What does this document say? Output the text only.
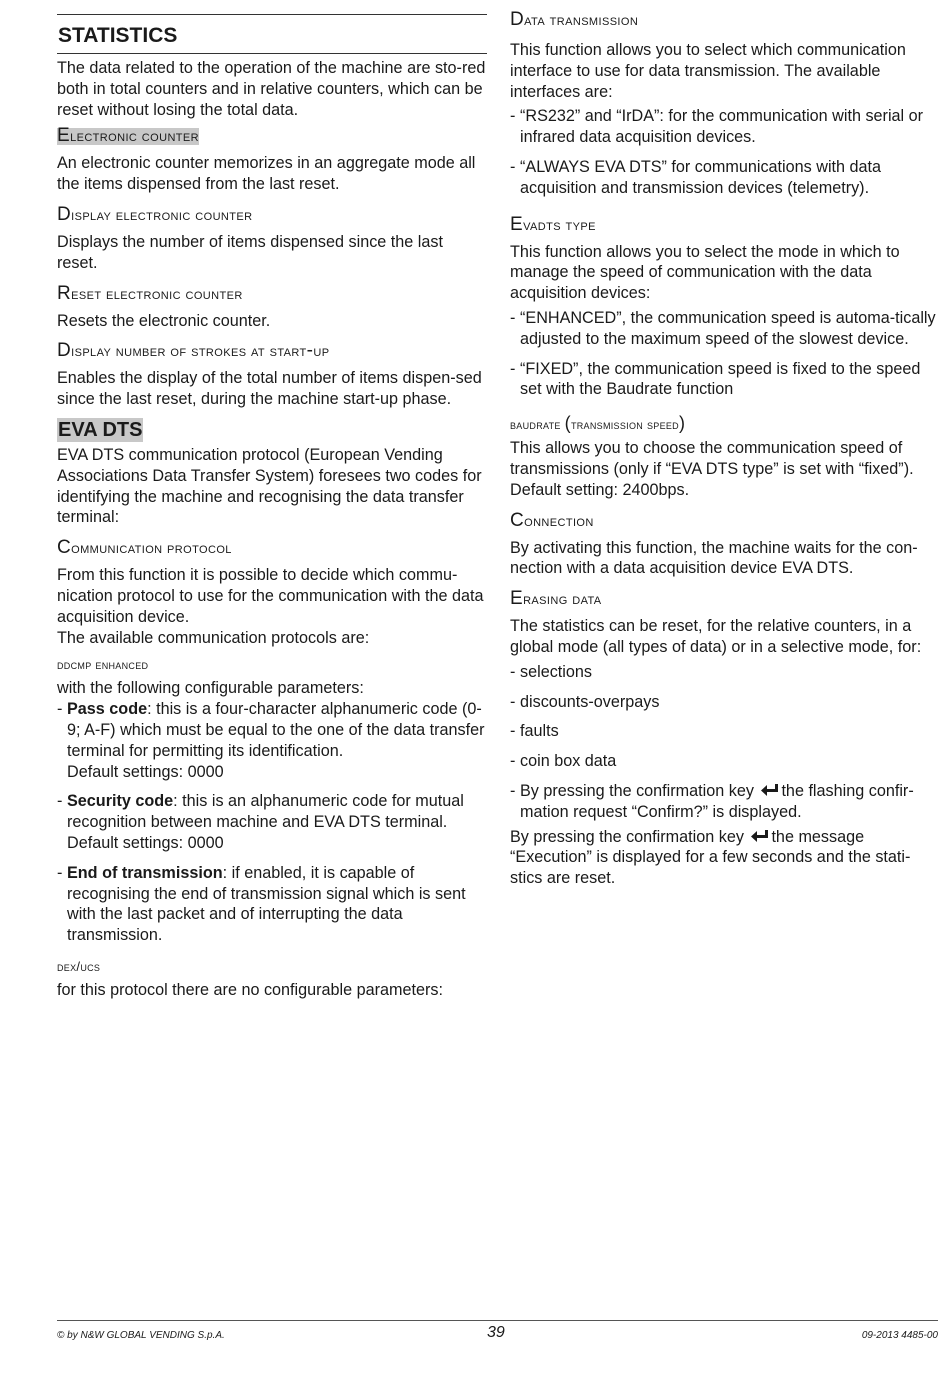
STATISTICS

The data related to the operation of the machine are sto-red both in total counters and in relative counters, which can be reset without losing the total data.

Electronic counter

An electronic counter memorizes in an aggregate mode all the items dispensed from the last reset.

Display electronic counter

Displays the number of items dispensed since the last reset.

Reset electronic counter

Resets the electronic counter.

Display number of strokes at start-up

Enables the display of the total number of items dispen-sed since the last reset, during the machine start-up phase.

EVA DTS

EVA DTS communication protocol (European Vending Associations Data Transfer System) foresees two codes for identifying the machine and recognising the data transfer terminal:

Communication protocol

From this function it is possible to decide which commu-nication protocol to use for the communication with the data acquisition device.

The available communication protocols are:

ddcmp enhanced

with the following configurable parameters:

- Pass code: this is a four-character alphanumeric code (0-9; A-F) which must be equal to the one of the data transfer terminal for permitting its identification.
Default settings: 0000
- Security code: this is an alphanumeric code for mutual recognition between machine and EVA DTS terminal.
Default settings: 0000
- End of transmission: if enabled, it is capable of recognising the end of transmission signal which is sent with the last packet and of interrupting the data transmission.
dex/ucs

for this protocol there are no configurable parameters:

Data transmission

This function allows you to select which communication interface to use for data transmission. The available interfaces are:

- “RS232” and “IrDA”: for the communication with serial or infrared data acquisition devices.
- “ALWAYS EVA DTS” for communications with data acquisition and transmission devices (telemetry).
Evadts type

This function allows you to select the mode in which to manage the speed of communication with the data acquisition devices:

- “ENHANCED”, the communication speed is automa-tically adjusted to the maximum speed of the slowest device.
- “FIXED”, the communication speed is fixed to the speed set with the Baudrate function
baudrate (transmission speed)

This allows you to choose the communication speed of transmissions (only if “EVA DTS type” is set with “fixed”).

Default setting: 2400bps.

Connection

By activating this function, the machine waits for the con-nection with a data acquisition device EVA DTS.

Erasing data

The statistics can be reset, for the relative counters, in a global mode (all types of data) or in a selective mode, for:

- selections
- discounts-overpays
- faults
- coin box data
- By pressing the confirmation key the flashing confir-mation request “Confirm?” is displayed.

By pressing the confirmation key the message “Execution” is displayed for a few seconds and the stati-stics are reset.

© by N&W GLOBAL VENDING S.p.A.	39	09-2013 4485-00
